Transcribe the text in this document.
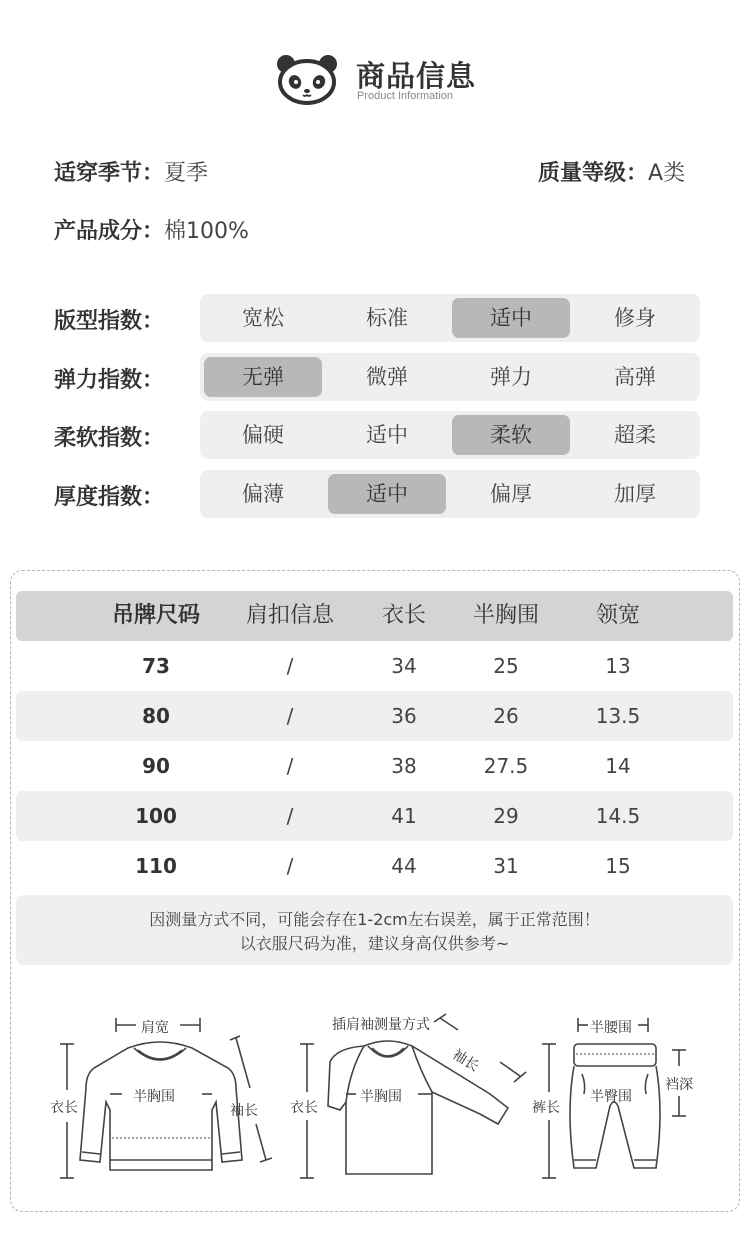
商品信息
Product Information
适穿季节：夏季	质量等级：A类
产品成分：棉100%
版型指数：	宽松	标准	适中	修身
弹力指数：	无弹	微弹	弹力	高弹
柔软指数：	偏硬	适中	柔软	超柔
厚度指数：	偏薄	适中	偏厚	加厚
吊牌尺码	肩扣信息	衣长	半胸围	领宽
73	/	34	25	13
80	/	36	26	13.5
90	/	38	27.5	14
100	/	41	29	14.5
110	/	44	31	15
因测量方式不同，可能会存在1-2cm左右误差，属于正常范围！
以衣服尺码为准，建议身高仅供参考~
肩宽
半胸围
衣长	袖长
插肩袖测量方式
半胸围
衣长
袖长
半腰围
半臀围
裤长
裆深
